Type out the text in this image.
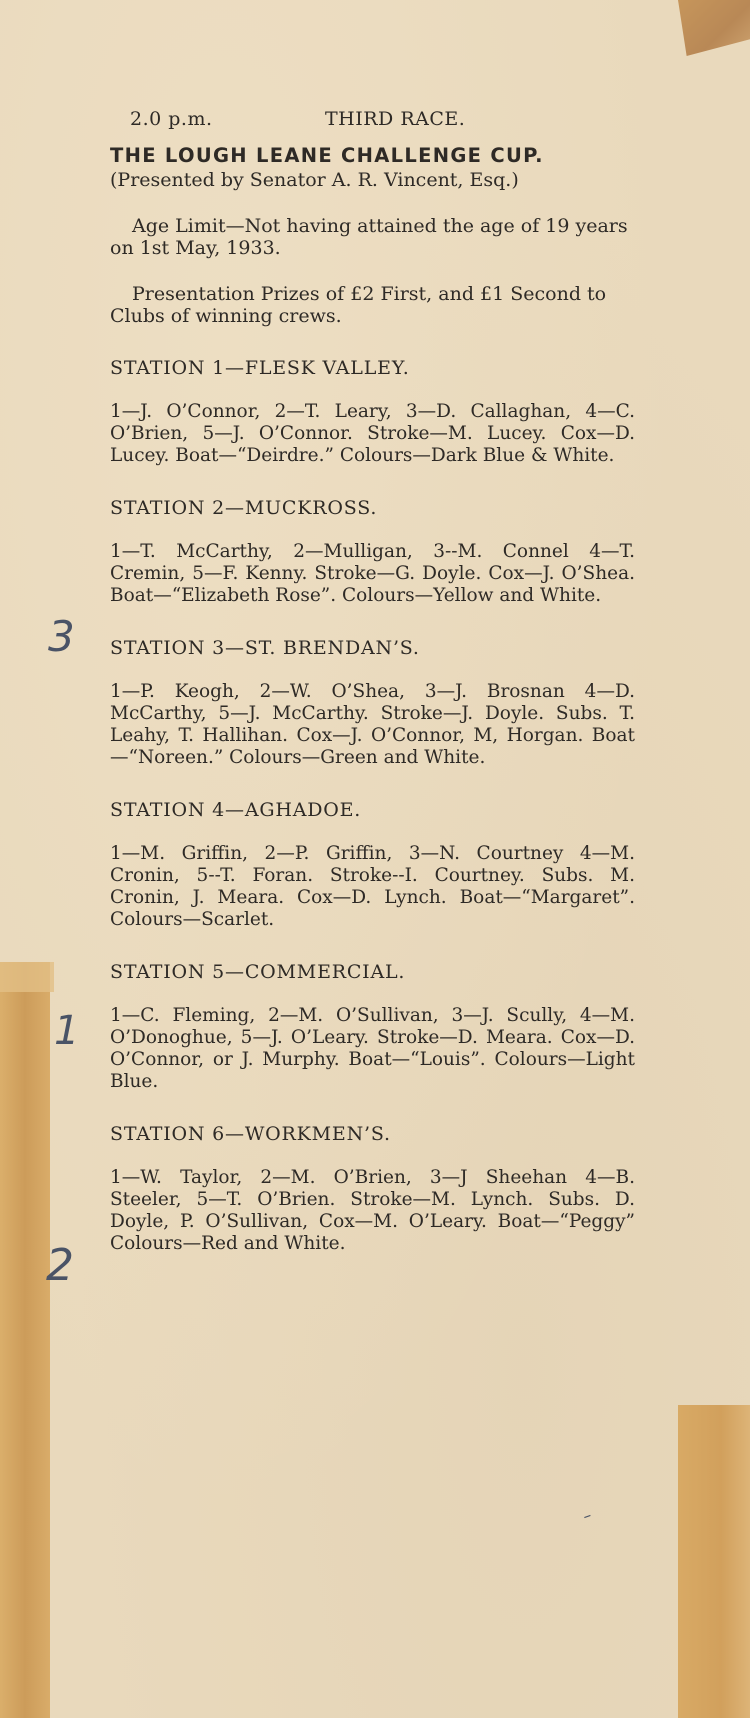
3
1
2
–
2.0 p.m.	THIRD RACE.
THE LOUGH LEANE CHALLENGE CUP.
(Presented by Senator A. R. Vincent, Esq.)
Age Limit—Not having attained the age of 19 years on 1st May, 1933.
Presentation Prizes of £2 First, and £1 Second to Clubs of winning crews.
STATION 1—FLESK VALLEY.
1—J. O’Connor, 2—T. Leary, 3—D. Callaghan, 4—C. O’Brien, 5—J. O’Connor. Stroke—M. Lucey. Cox—D. Lucey. Boat—“Deirdre.” Colours—Dark Blue & White.
STATION 2—MUCKROSS.
1—T. McCarthy, 2—Mulligan, 3--M. Connel 4—T. Cremin, 5—F. Kenny. Stroke—G. Doyle. Cox—J. O’Shea. Boat—“Elizabeth Rose”. Colours—Yellow and White.
STATION 3—ST. BRENDAN’S.
1—P. Keogh, 2—W. O’Shea, 3—J. Brosnan 4—D. McCarthy, 5—J. McCarthy. Stroke—J. Doyle. Subs. T. Leahy, T. Hallihan. Cox—J. O’Connor, M, Horgan. Boat—“Noreen.” Colours—Green and White.
STATION 4—AGHADOE.
1—M. Griffin, 2—P. Griffin, 3—N. Courtney 4—M. Cronin, 5--T. Foran. Stroke--I. Courtney. Subs. M. Cronin, J. Meara. Cox—D. Lynch. Boat—“Margaret”. Colours—Scarlet.
STATION 5—COMMERCIAL.
1—C. Fleming, 2—M. O’Sullivan, 3—J. Scully, 4—M. O’Donoghue, 5—J. O’Leary. Stroke—D. Meara. Cox—D. O’Connor, or J. Murphy. Boat—“Louis”. Colours—Light Blue.
STATION 6—WORKMEN’S.
1—W. Taylor, 2—M. O’Brien, 3—J Sheehan 4—B. Steeler, 5—T. O’Brien. Stroke—M. Lynch. Subs. D. Doyle, P. O’Sullivan, Cox—M. O’Leary. Boat—“Peggy” Colours—Red and White.
